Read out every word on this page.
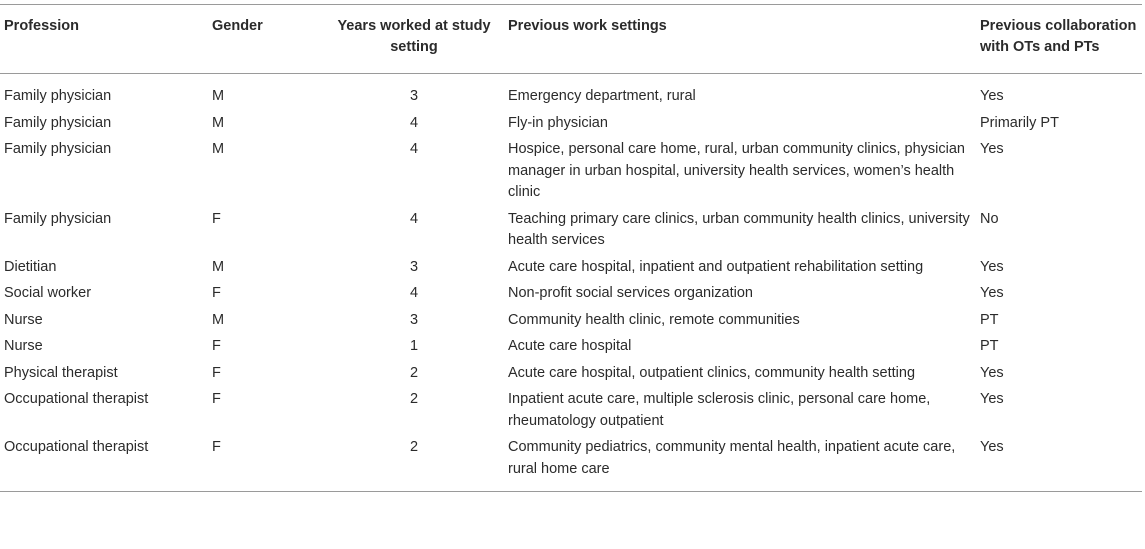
Profession	Gender	Years worked at study setting	Previous work settings	Previous collaboration with OTs and PTs
Family physician	M	3	Emergency department, rural	Yes
Family physician	M	4	Fly-in physician	Primarily PT
Family physician	M	4	Hospice, personal care home, rural, urban community clinics, physician manager in urban hospital, university health services, women’s health clinic	Yes
Family physician	F	4	Teaching primary care clinics, urban community health clinics, university health services	No
Dietitian	M	3	Acute care hospital, inpatient and outpatient rehabilitation setting	Yes
Social worker	F	4	Non-profit social services organization	Yes
Nurse	M	3	Community health clinic, remote communities	PT
Nurse	F	1	Acute care hospital	PT
Physical therapist	F	2	Acute care hospital, outpatient clinics, community health setting	Yes
Occupational therapist	F	2	Inpatient acute care, multiple sclerosis clinic, personal care home, rheumatology outpatient	Yes
Occupational therapist	F	2	Community pediatrics, community mental health, inpatient acute care, rural home care	Yes
